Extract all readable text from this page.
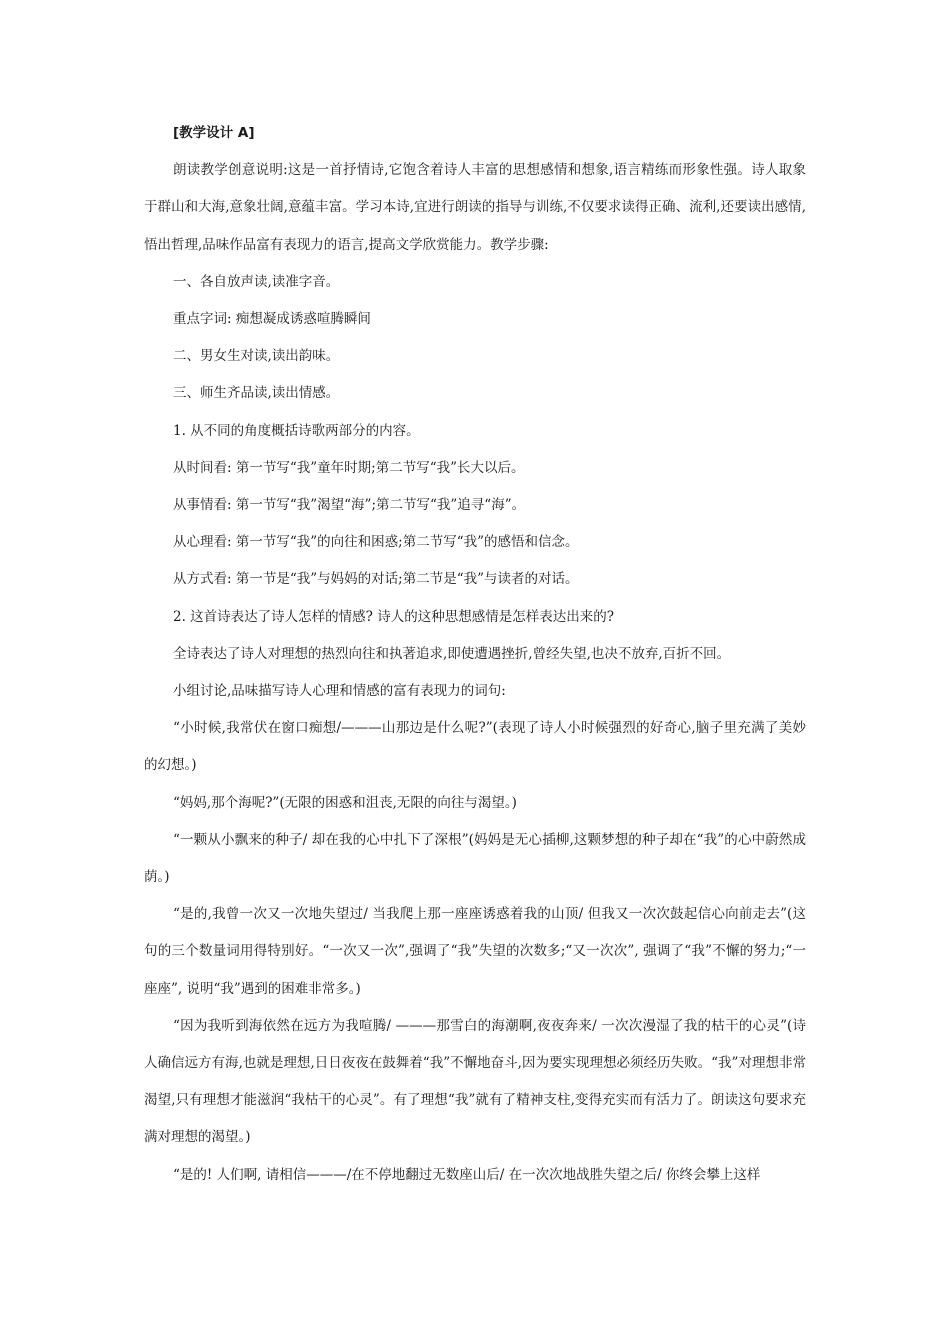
[教学设计 A]
朗读教学创意说明:这是一首抒情诗,它饱含着诗人丰富的思想感情和想象,语言精练而形象性强。诗人取象于群山和大海,意象壮阔,意蕴丰富。学习本诗,宜进行朗读的指导与训练,不仅要求读得正确、流利,还要读出感情,悟出哲理,品味作品富有表现力的语言,提高文学欣赏能力。教学步骤:
一、各自放声读,读准字音。
重点字词: 痴想凝成诱惑喧腾瞬间
二、男女生对读,读出韵味。
三、师生齐品读,读出情感。
1. 从不同的角度概括诗歌两部分的内容。
从时间看: 第一节写“我”童年时期;第二节写“我”长大以后。
从事情看: 第一节写“我”渴望“海”;第二节写“我”追寻“海”。
从心理看: 第一节写“我”的向往和困惑;第二节写“我”的感悟和信念。
从方式看: 第一节是“我”与妈妈的对话;第二节是“我”与读者的对话。
2. 这首诗表达了诗人怎样的情感? 诗人的这种思想感情是怎样表达出来的?
全诗表达了诗人对理想的热烈向往和执著追求,即使遭遇挫折,曾经失望,也决不放弃,百折不回。
小组讨论,品味描写诗人心理和情感的富有表现力的词句:
“小时候,我常伏在窗口痴想/———山那边是什么呢?”(表现了诗人小时候强烈的好奇心,脑子里充满了美妙的幻想。)
“妈妈,那个海呢?”(无限的困惑和沮丧,无限的向往与渴望。)
“一颗从小飘来的种子/ 却在我的心中扎下了深根”(妈妈是无心插柳,这颗梦想的种子却在“我”的心中蔚然成荫。)
“是的,我曾一次又一次地失望过/ 当我爬上那一座座诱惑着我的山顶/ 但我又一次次鼓起信心向前走去”(这句的三个数量词用得特别好。“一次又一次”,强调了“我”失望的次数多;“又一次次”, 强调了“我”不懈的努力;“一座座”, 说明“我”遇到的困难非常多。)
“因为我听到海依然在远方为我喧腾/ ———那雪白的海潮啊,夜夜奔来/ 一次次漫湿了我的枯干的心灵”(诗人确信远方有海,也就是理想,日日夜夜在鼓舞着“我”不懈地奋斗,因为要实现理想必须经历失败。“我”对理想非常渴望,只有理想才能滋润“我枯干的心灵”。有了理想“我”就有了精神支柱,变得充实而有活力了。朗读这句要求充满对理想的渴望。)
“是的! 人们啊, 请相信———/在不停地翻过无数座山后/ 在一次次地战胜失望之后/ 你终会攀上这样
